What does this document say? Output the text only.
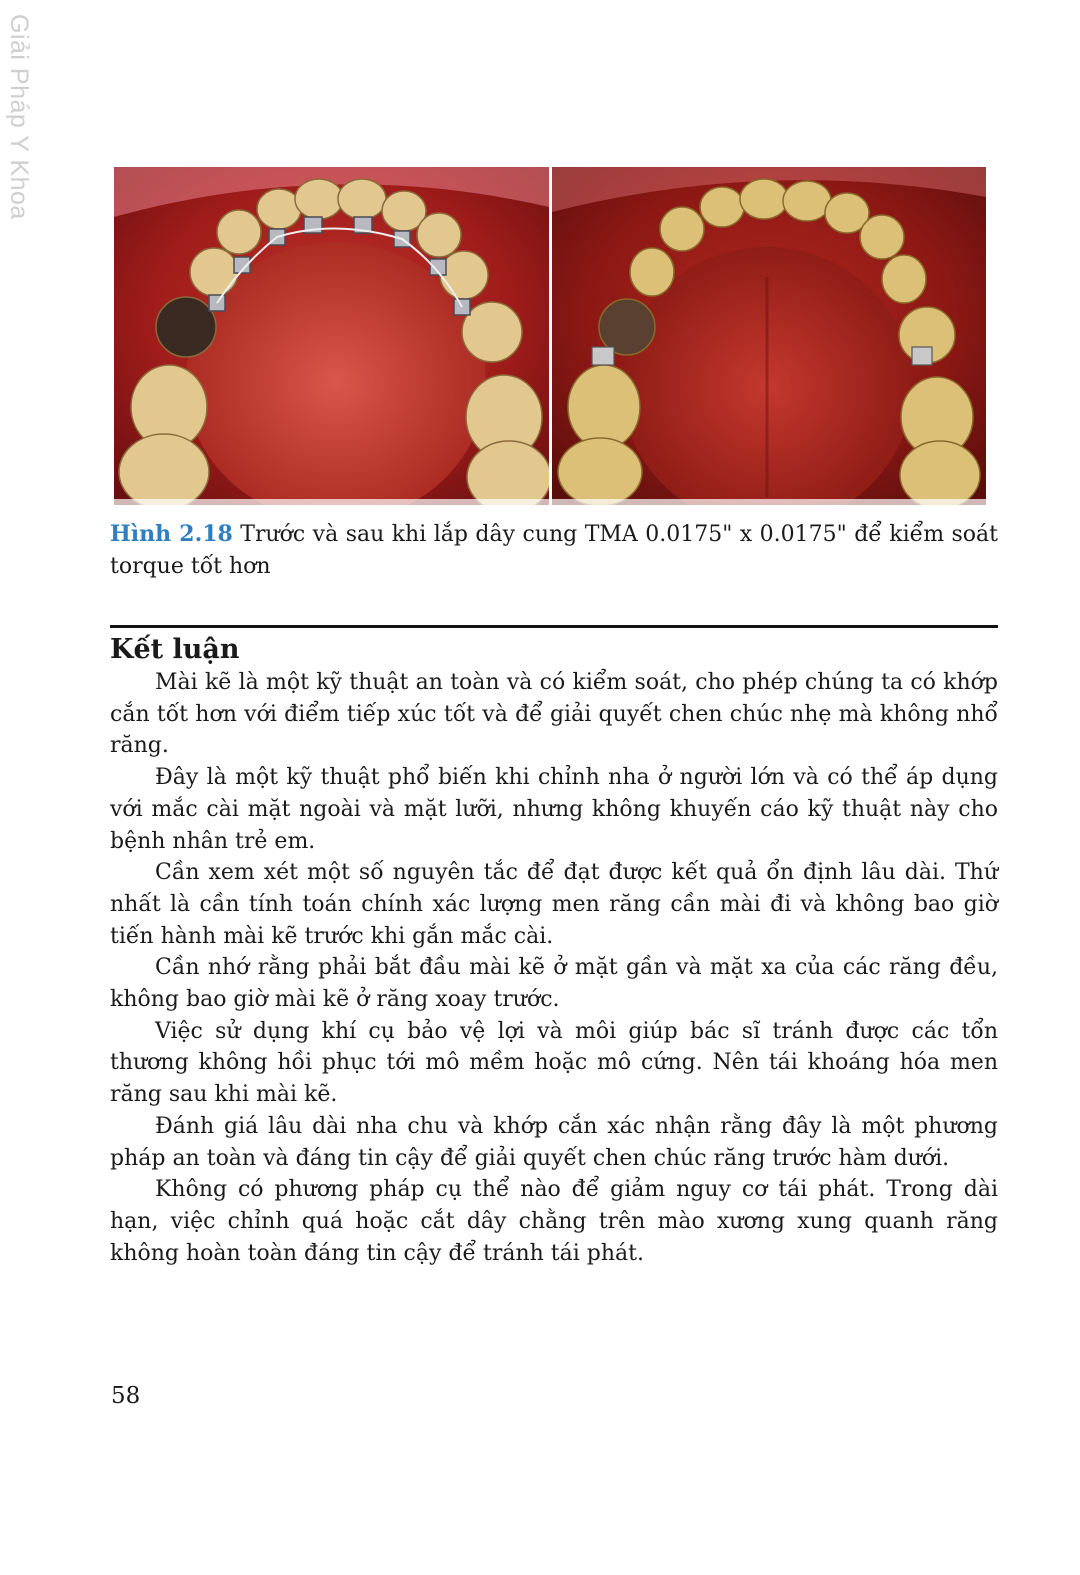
Giải Pháp Y Khoa
Hình 2.18 Trước và sau khi lắp dây cung TMA 0.0175" x 0.0175" để kiểm soát torque tốt hơn
Kết luận

Mài kẽ là một kỹ thuật an toàn và có kiểm soát, cho phép chúng ta có khớp cắn tốt hơn với điểm tiếp xúc tốt và để giải quyết chen chúc nhẹ mà không nhổ răng.

Đây là một kỹ thuật phổ biến khi chỉnh nha ở người lớn và có thể áp dụng với mắc cài mặt ngoài và mặt lưỡi, nhưng không khuyến cáo kỹ thuật này cho bệnh nhân trẻ em.

Cần xem xét một số nguyên tắc để đạt được kết quả ổn định lâu dài. Thứ nhất là cần tính toán chính xác lượng men răng cần mài đi và không bao giờ tiến hành mài kẽ trước khi gắn mắc cài.

Cần nhớ rằng phải bắt đầu mài kẽ ở mặt gần và mặt xa của các răng đều, không bao giờ mài kẽ ở răng xoay trước.

Việc sử dụng khí cụ bảo vệ lợi và môi giúp bác sĩ tránh được các tổn thương không hồi phục tới mô mềm hoặc mô cứng. Nên tái khoáng hóa men răng sau khi mài kẽ.

Đánh giá lâu dài nha chu và khớp cắn xác nhận rằng đây là một phương pháp an toàn và đáng tin cậy để giải quyết chen chúc răng trước hàm dưới.

Không có phương pháp cụ thể nào để giảm nguy cơ tái phát. Trong dài hạn, việc chỉnh quá hoặc cắt dây chằng trên mào xương xung quanh răng không hoàn toàn đáng tin cậy để tránh tái phát.

58
